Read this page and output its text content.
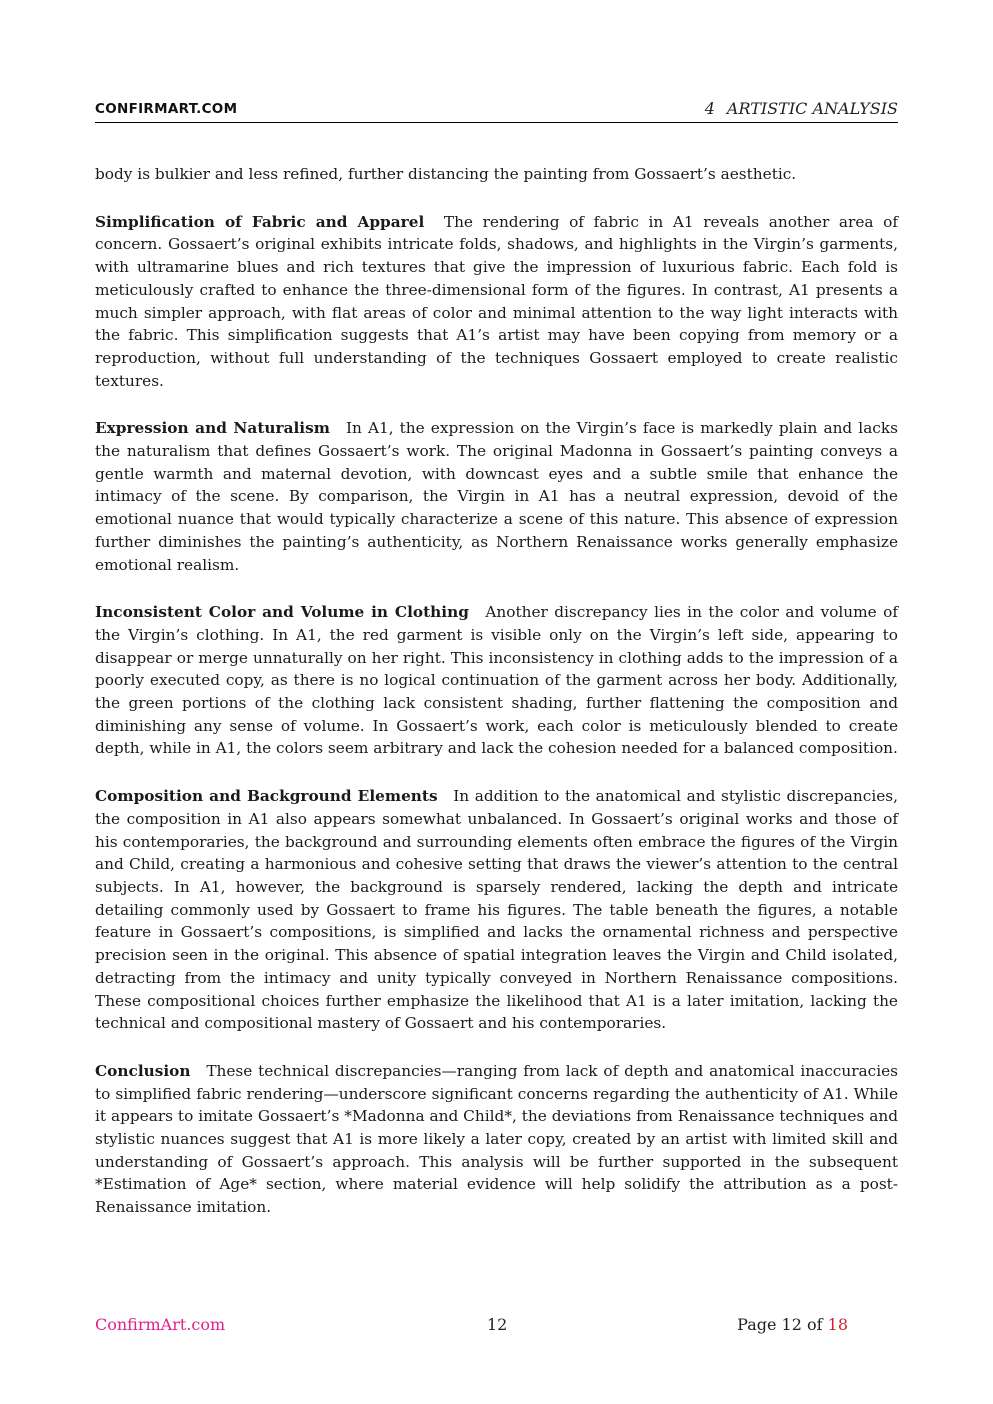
CONFIRMART.COM	4 ARTISTIC ANALYSIS

body is bulkier and less refined, further distancing the painting from Gossaert’s aesthetic.

Simplification of Fabric and Apparel The rendering of fabric in A1 reveals another area of concern. Gossaert’s original exhibits intricate folds, shadows, and highlights in the Virgin’s garments, with ultramarine blues and rich textures that give the impression of luxurious fabric. Each fold is meticulously crafted to enhance the three-dimensional form of the figures. In contrast, A1 presents a much simpler approach, with flat areas of color and minimal attention to the way light interacts with the fabric. This simplification suggests that A1’s artist may have been copying from memory or a reproduction, without full understanding of the techniques Gossaert employed to create realistic textures.

Expression and Naturalism In A1, the expression on the Virgin’s face is markedly plain and lacks the naturalism that defines Gossaert’s work. The original Madonna in Gossaert’s painting conveys a gentle warmth and maternal devotion, with downcast eyes and a subtle smile that enhance the intimacy of the scene. By comparison, the Virgin in A1 has a neutral expression, devoid of the emotional nuance that would typically characterize a scene of this nature. This absence of expression further diminishes the painting’s authenticity, as Northern Renaissance works generally emphasize emotional realism.

Inconsistent Color and Volume in Clothing Another discrepancy lies in the color and volume of the Virgin’s clothing. In A1, the red garment is visible only on the Virgin’s left side, appearing to disappear or merge unnaturally on her right. This inconsistency in clothing adds to the impression of a poorly executed copy, as there is no logical continuation of the garment across her body. Additionally, the green portions of the clothing lack consistent shading, further flattening the composition and diminishing any sense of volume. In Gossaert’s work, each color is meticulously blended to create depth, while in A1, the colors seem arbitrary and lack the cohesion needed for a balanced composition.

Composition and Background Elements In addition to the anatomical and stylistic discrepancies, the composition in A1 also appears somewhat unbalanced. In Gossaert’s original works and those of his contemporaries, the background and surrounding elements often embrace the figures of the Virgin and Child, creating a harmonious and cohesive setting that draws the viewer’s attention to the central subjects. In A1, however, the background is sparsely rendered, lacking the depth and intricate detailing commonly used by Gossaert to frame his figures. The table beneath the figures, a notable feature in Gossaert’s compositions, is simplified and lacks the ornamental richness and perspective precision seen in the original. This absence of spatial integration leaves the Virgin and Child isolated, detracting from the intimacy and unity typically conveyed in Northern Renaissance compositions. These compositional choices further emphasize the likelihood that A1 is a later imitation, lacking the technical and compositional mastery of Gossaert and his contemporaries.

Conclusion These technical discrepancies—ranging from lack of depth and anatomical inaccuracies to simplified fabric rendering—underscore significant concerns regarding the authenticity of A1. While it appears to imitate Gossaert’s *Madonna and Child*, the deviations from Renaissance techniques and stylistic nuances suggest that A1 is more likely a later copy, created by an artist with limited skill and understanding of Gossaert’s approach. This analysis will be further supported in the subsequent *Estimation of Age* section, where material evidence will help solidify the attribution as a post-Renaissance imitation.

ConfirmArt.com	12	Page 12 of 18
